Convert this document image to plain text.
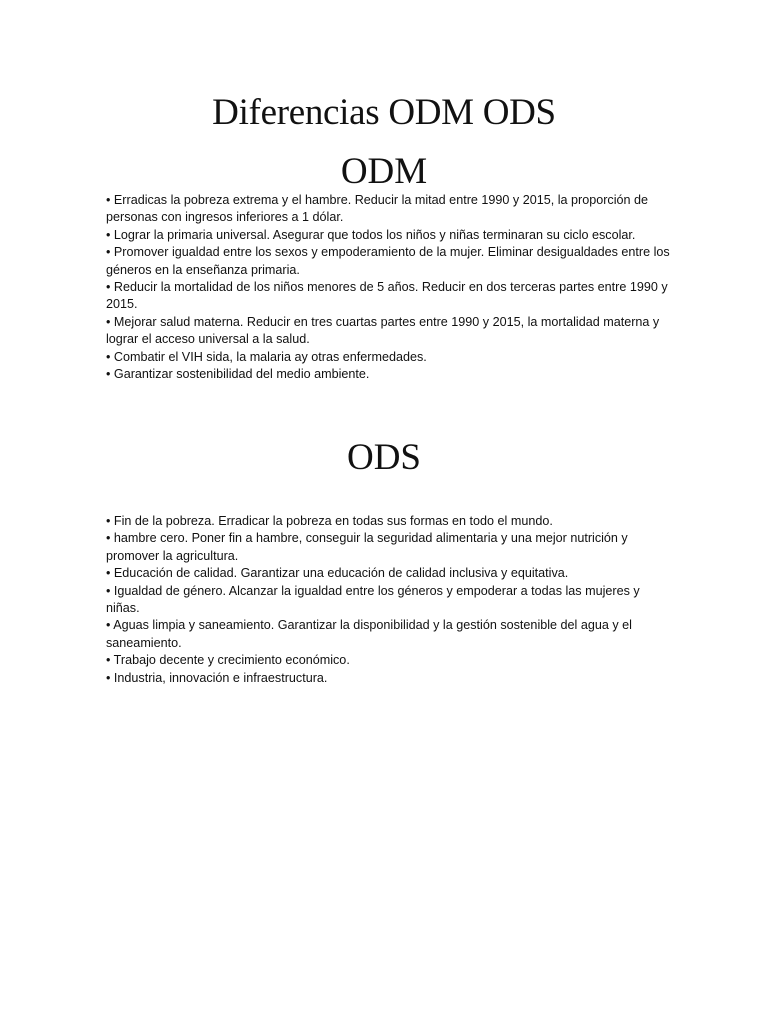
Diferencias ODM ODS
ODM
• Erradicas la pobreza extrema y el hambre. Reducir la mitad entre 1990 y 2015, la proporción de personas con ingresos inferiores a 1 dólar.
• Lograr la primaria universal. Asegurar que todos los niños y niñas terminaran su ciclo escolar.
• Promover igualdad entre los sexos y empoderamiento de la mujer. Eliminar desigualdades entre los géneros en la enseñanza primaria.
• Reducir la mortalidad de los niños menores de 5 años. Reducir en dos terceras partes entre 1990 y 2015.
• Mejorar salud materna. Reducir en tres cuartas partes entre 1990 y 2015, la mortalidad materna y lograr el acceso universal a la salud.
• Combatir el VIH sida, la malaria ay otras enfermedades.
• Garantizar sostenibilidad del medio ambiente.
ODS
• Fin de la pobreza. Erradicar la pobreza en todas sus formas en todo el mundo.
• hambre cero. Poner fin a hambre, conseguir la seguridad alimentaria y una mejor nutrición y promover la agricultura.
• Educación de calidad. Garantizar una educación de calidad inclusiva y equitativa.
• Igualdad de género. Alcanzar la igualdad entre los géneros y empoderar a todas las mujeres y niñas.
• Aguas limpia y saneamiento. Garantizar la disponibilidad y la gestión sostenible del agua y el saneamiento.
• Trabajo decente y crecimiento económico.
• Industria, innovación e infraestructura.
